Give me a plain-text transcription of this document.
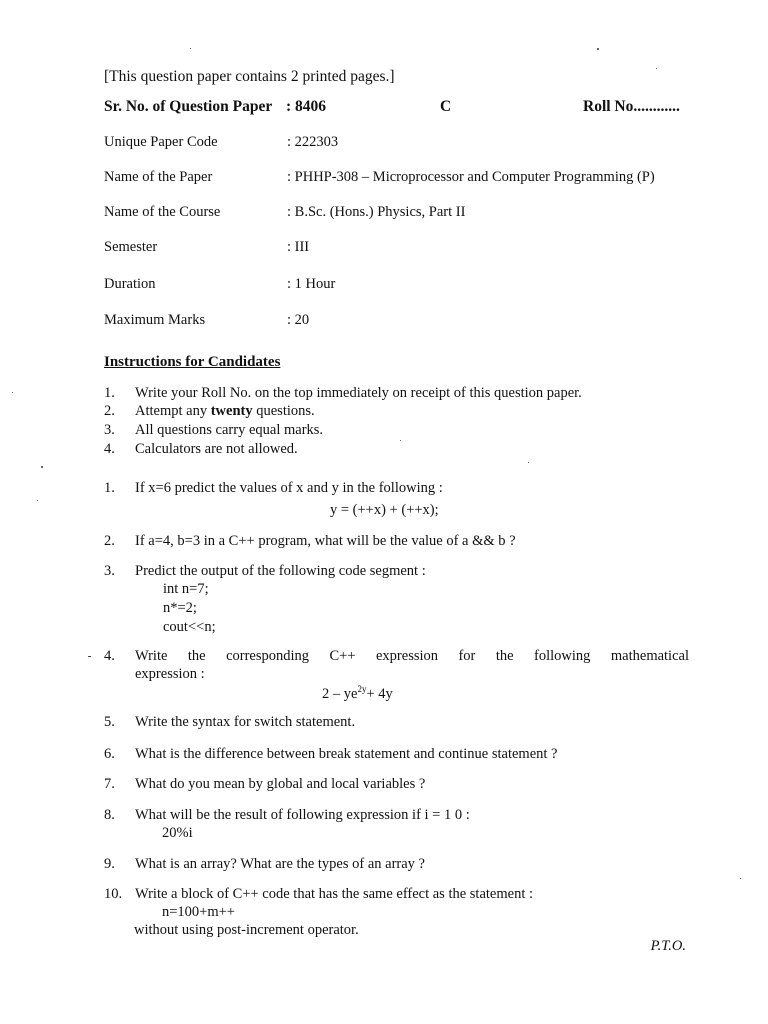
[This question paper contains 2 printed pages.]
Sr. No. of Question Paper : 8406	C	Roll No............
Unique Paper Code	: 222303
Name of the Paper	: PHHP-308 – Microprocessor and Computer Programming (P)
Name of the Course	: B.Sc. (Hons.) Physics, Part II
Semester	: III
Duration	: 1 Hour
Maximum Marks	: 20
Instructions for Candidates
1. Write your Roll No. on the top immediately on receipt of this question paper.
2. Attempt any twenty questions.
3. All questions carry equal marks.
4. Calculators are not allowed.
1. If x=6 predict the values of x and y in the following :
y = (++x) + (++x);
2. If a=4, b=3 in a C++ program, what will be the value of a && b ?
3. Predict the output of the following code segment :
int n=7;
n*=2;
cout<<n;
4. Write the corresponding C++ expression for the following mathematical
expression :
$2 - ye^{2y}+ 4y$
5. Write the syntax for switch statement.
6. What is the difference between break statement and continue statement ?
7. What do you mean by global and local variables ?
8. What will be the result of following expression if i = 1 0 :
20%i
9. What is an array? What are the types of an array ?
10. Write a block of C++ code that has the same effect as the statement :
n=100+m++
without using post-increment operator.
P.T.O.
